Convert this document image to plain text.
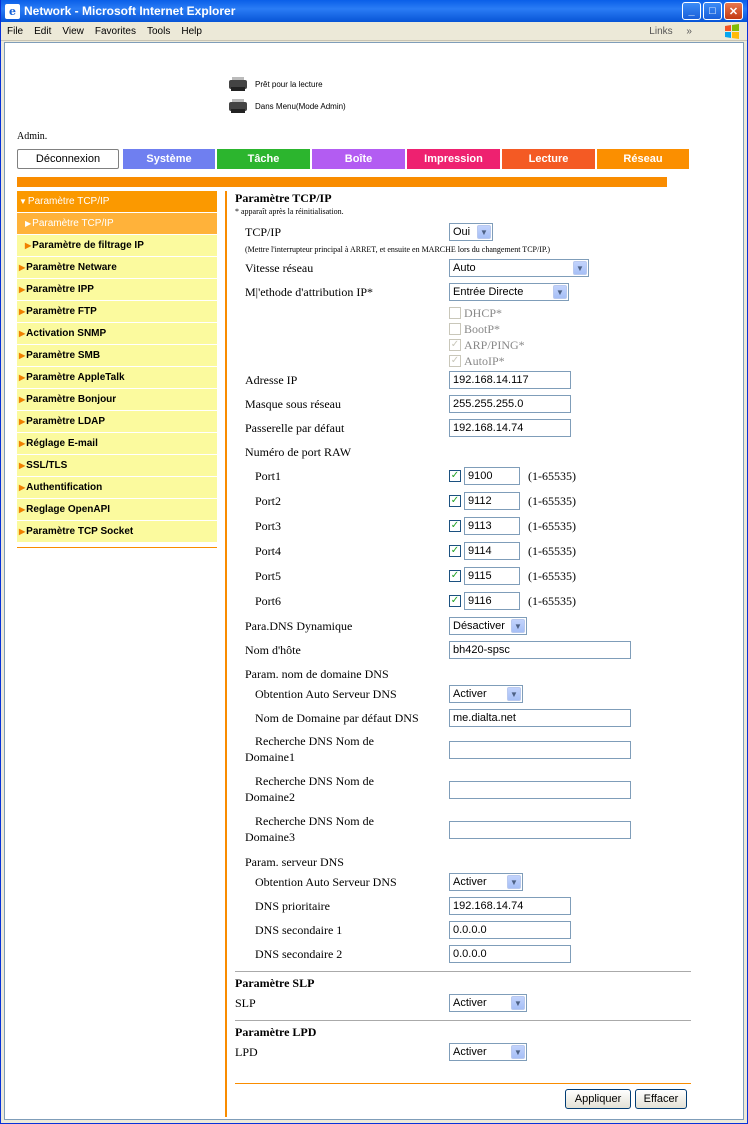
e Network - Microsoft Internet Explorer	_	□	✕
File Edit View Favorites Tools Help	Links »
Prêt pour la lecture
Dans Menu(Mode Admin)
Admin.
Déconnexion	Système	Tâche	Boîte	Impression	Lecture	Réseau
▼ Paramètre TCP/IP
▶ Paramètre TCP/IP
▶ Paramètre de filtrage IP
▶ Paramètre Netware
▶ Paramètre IPP
▶ Paramètre FTP
▶ Activation SNMP
▶ Paramètre SMB
▶ Paramètre AppleTalk
▶ Paramètre Bonjour
▶ Paramètre LDAP
▶ Réglage E-mail
▶ SSL/TLS
▶ Authentification
▶ Reglage OpenAPI
▶ Paramètre TCP Socket
Paramètre TCP/IP
* apparaît après la réinitialisation.
TCP/IP	Oui	▼
(Mettre l'interrupteur principal à ARRET, et ensuite en MARCHE lors du changement TCP/IP.)
Vitesse réseau	Auto	▼
M|'ethode d'attribution IP*	Entrée Directe	▼
DHCP*
BootP*
✓ ARP/PING*
✓ AutoIP*
Adresse IP	192.168.14.117
Masque sous réseau	255.255.255.0
Passerelle par défaut	192.168.14.74
Numéro de port RAW
Port1	✓ 9100	(1-65535)
Port2	✓ 9112	(1-65535)
Port3	✓ 9113	(1-65535)
Port4	✓ 9114	(1-65535)
Port5	✓ 9115	(1-65535)
Port6	✓ 9116	(1-65535)
Para.DNS Dynamique	Désactiver	▼
Nom d'hôte	bh420-spsc
Param. nom de domaine DNS
Obtention Auto Serveur DNS	Activer	▼
Nom de Domaine par défaut DNS	me.dialta.net
Recherche DNS Nom de
Domaine1
Recherche DNS Nom de
Domaine2
Recherche DNS Nom de
Domaine3
Param. serveur DNS
Obtention Auto Serveur DNS	Activer	▼
DNS prioritaire	192.168.14.74
DNS secondaire 1	0.0.0.0
DNS secondaire 2	0.0.0.0
Paramètre SLP
SLP	Activer	▼
Paramètre LPD
LPD	Activer	▼
Appliquer	Effacer
